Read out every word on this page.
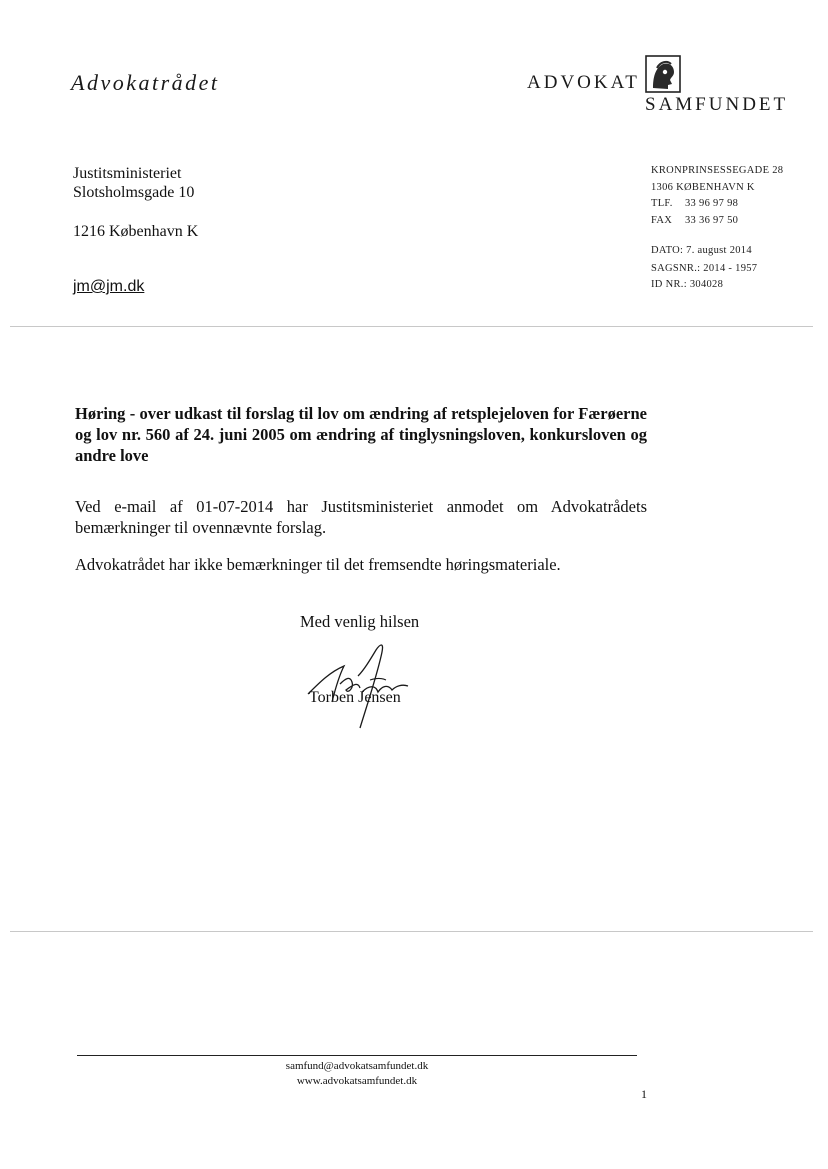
Advokatrådet	ADVOKAT
SAMFUNDET
Justitsministeriet
Slotsholmsgade 10
1216 København K
jm@jm.dk
KRONPRINSESSEGADE 28
1306 KØBENHAVN K
TLF. 33 96 97 98
FAX 33 36 97 50
DATO: 7. august 2014
SAGSNR.: 2014 - 1957
ID NR.: 304028
Høring - over udkast til forslag til lov om ændring af retsplejeloven for Færøerne og lov nr. 560 af 24. juni 2005 om ændring af tinglysningsloven, konkursloven og andre love
Ved e-mail af 01-07-2014 har Justitsministeriet anmodet om Advokatrådets bemærkninger til ovennævnte forslag.
Advokatrådet har ikke bemærkninger til det fremsendte høringsmateriale.
Med venlig hilsen
Torben Jensen
samfund@advokatsamfundet.dk
www.advokatsamfundet.dk
1
